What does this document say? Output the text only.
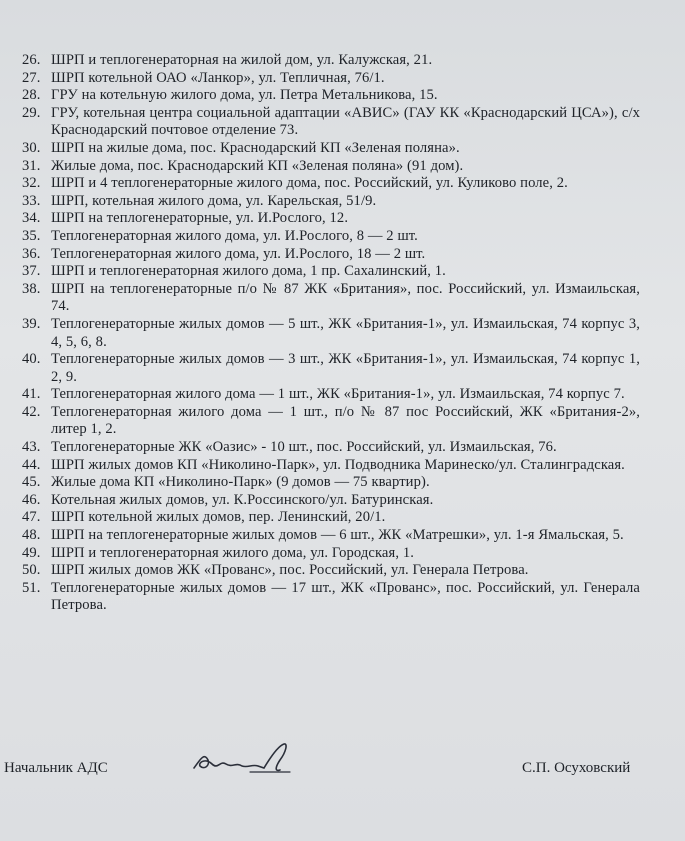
26. ШРП и теплогенераторная на жилой дом, ул. Калужская, 21.
27. ШРП котельной ОАО «Ланкор», ул. Тепличная, 76/1.
28. ГРУ на котельную жилого дома, ул. Петра Метальникова, 15.
29. ГРУ, котельная центра социальной адаптации «АВИС» (ГАУ КК «Краснодарский ЦСА»), с/х Краснодарский почтовое отделение 73.
30. ШРП на жилые дома, пос. Краснодарский КП «Зеленая поляна».
31. Жилые дома, пос. Краснодарский КП «Зеленая поляна» (91 дом).
32. ШРП и 4 теплогенераторные жилого дома, пос. Российский, ул. Куликово поле, 2.
33. ШРП, котельная жилого дома, ул. Карельская, 51/9.
34. ШРП на теплогенераторные, ул. И.Рослого, 12.
35. Теплогенераторная жилого дома, ул. И.Рослого, 8 — 2 шт.
36. Теплогенераторная жилого дома, ул. И.Рослого, 18 — 2 шт.
37. ШРП и теплогенераторная жилого дома, 1 пр. Сахалинский, 1.
38. ШРП на теплогенераторные п/о № 87 ЖК «Британия», пос. Российский, ул. Измаильская, 74.
39. Теплогенераторные жилых домов — 5 шт., ЖК «Британия-1», ул. Измаильская, 74 корпус 3, 4, 5, 6, 8.
40. Теплогенераторные жилых домов — 3 шт., ЖК «Британия-1», ул. Измаильская, 74 корпус 1, 2, 9.
41. Теплогенераторная жилого дома — 1 шт., ЖК «Британия-1», ул. Измаильская, 74 корпус 7.
42. Теплогенераторная жилого дома — 1 шт., п/о № 87 пос Российский, ЖК «Британия-2», литер 1, 2.
43. Теплогенераторные ЖК «Оазис» - 10 шт., пос. Российский, ул. Измаильская, 76.
44. ШРП жилых домов КП «Николино-Парк», ул. Подводника Маринеско/ул. Сталинградская.
45. Жилые дома КП «Николино-Парк» (9 домов — 75 квартир).
46. Котельная жилых домов, ул. К.Россинского/ул. Батуринская.
47. ШРП котельной жилых домов, пер. Ленинский, 20/1.
48. ШРП на теплогенераторные жилых домов — 6 шт., ЖК «Матрешки», ул. 1-я Ямальская, 5.
49. ШРП и теплогенераторная жилого дома, ул. Городская, 1.
50. ШРП жилых домов ЖК «Прованс», пос. Российский, ул. Генерала Петрова.
51. Теплогенераторные жилых домов — 17 шт., ЖК «Прованс», пос. Российский, ул. Генерала Петрова.
Начальник АДС	С.П. Осуховский
